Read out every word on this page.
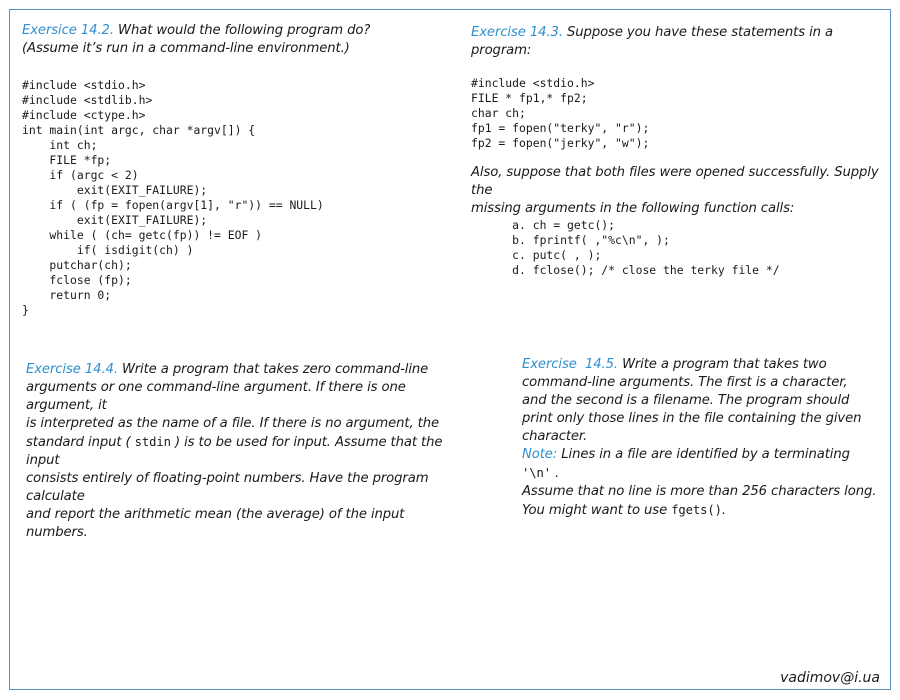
Exersice 14.2. What would the following program do?
(Assume it’s run in a command-line environment.)
#include <stdio.h>
#include <stdlib.h>
#include <ctype.h>
int main(int argc, char *argv[]) {
int ch;
FILE *fp;
if (argc < 2)
exit(EXIT_FAILURE);
if ( (fp = fopen(argv[1], "r")) == NULL)
exit(EXIT_FAILURE);
while ( (ch= getc(fp)) != EOF )
if( isdigit(ch) )
putchar(ch);
fclose (fp);
return 0;
}
Exercise 14.3. Suppose you have these statements in a program:
#include <stdio.h>
FILE * fp1,* fp2;
char ch;
fp1 = fopen("terky", "r");
fp2 = fopen("jerky", "w");
Also, suppose that both files were opened successfully. Supply the
missing arguments in the following function calls:
a. ch = getc();
b. fprintf( ,"%c\n", );
c. putc( , );
d. fclose(); /* close the terky file */
Exercise 14.4. Write a program that takes zero command-line
arguments or one command-line argument. If there is one argument, it
is interpreted as the name of a file. If there is no argument, the
standard input ( stdin ) is to be used for input. Assume that the input
consists entirely of floating-point numbers. Have the program calculate
and report the arithmetic mean (the average) of the input numbers.
Exercise  14.5. Write a program that takes two
command-line arguments. The first is a character,
and the second is a filename. The program should
print only those lines in the file containing the given
character.
Note: Lines in a file are identified by a terminating '\n' .
Assume that no line is more than 256 characters long.
You might want to use fgets().
vadimov@i.ua
